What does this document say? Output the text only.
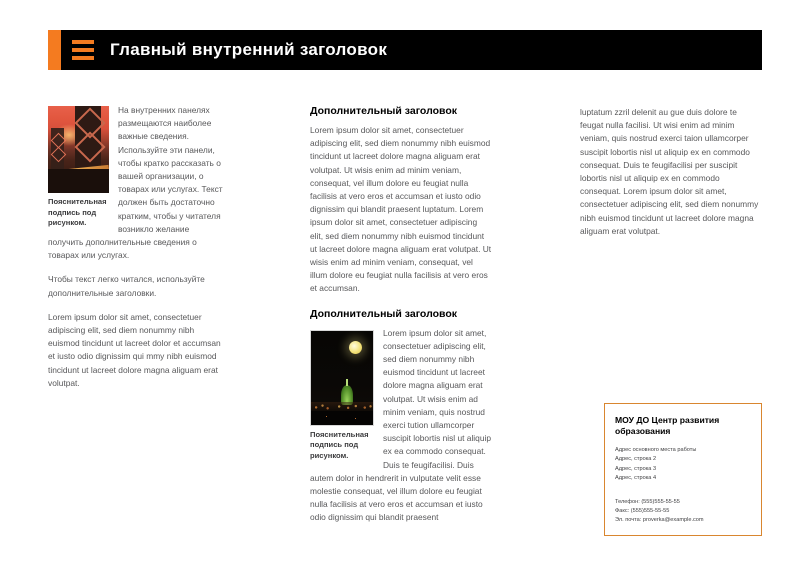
Главный внутренний заголовок
Пояснительная подпись под рисунком.

На внутренних панелях размещаются наиболее важные сведения. Используйте эти панели, чтобы кратко рассказать о вашей организации, о товарах или услугах. Текст должен быть достаточно кратким, чтобы у читателя возникло желание получить дополнительные сведения о товарах или услугах.

Чтобы текст легко читался, используйте дополнительные заголовки.

Lorem ipsum dolor sit amet, consectetuer adipiscing elit, sed diem nonummy nibh euismod tincidunt ut lacreet dolor et accumsan et iusto odio dignissim qui mmy nibh euismod tincidunt ut lacreet dolore magna aliguam erat volutpat.

Дополнительный заголовок

Lorem ipsum dolor sit amet, consectetuer adipiscing elit, sed diem nonummy nibh euismod tincidunt ut lacreet dolore magna aliguam erat volutpat. Ut wisis enim ad minim veniam, consequat, vel illum dolore eu feugiat nulla facilisis at vero eros et accumsan et iusto odio dignissim qui blandit praesent luptatum. Lorem ipsum dolor sit amet, consectetuer adipiscing elit, sed diem nonummy nibh euismod tincidunt ut lacreet dolore magna aliguam erat volutpat. Ut wisis enim ad minim veniam, consequat, vel illum dolore eu feugiat nulla facilisis at vero eros et accumsan.

Дополнительный заголовок
Пояснительная подпись под рисунком.

Lorem ipsum dolor sit amet, consectetuer adipiscing elit, sed diem nonummy nibh euismod tincidunt ut lacreet dolore magna aliguam erat volutpat. Ut wisis enim ad minim veniam, quis nostrud exerci tution ullamcorper suscipit lobortis nisl ut aliquip ex ea commodo consequat. Duis te feugifacilisi. Duis autem dolor in hendrerit in vulputate velit esse molestie consequat, vel illum dolore eu feugiat nulla facilisis at vero eros et accumsan et iusto odio dignissim qui blandit praesent

luptatum zzril delenit au gue duis dolore te feugat nulla facilisi. Ut wisi enim ad minim veniam, quis nostrud exerci taion ullamcorper suscipit lobortis nisl ut aliquip ex en commodo consequat. Duis te feugifacilisi per suscipit lobortis nisl ut aliquip ex en commodo consequat. Lorem ipsum dolor sit amet, consectetuer adipiscing elit, sed diem nonummy nibh euismod tincidunt ut lacreet dolore magna aliguam erat volutpat.

МОУ ДО Центр развития образования
Адрес основного места работы
Адрес, строка 2
Адрес, строка 3
Адрес, строка 4
Телефон: (555)555-55-55
Факс: (555)555-55-55
Эл. почта: proverka@example.com
